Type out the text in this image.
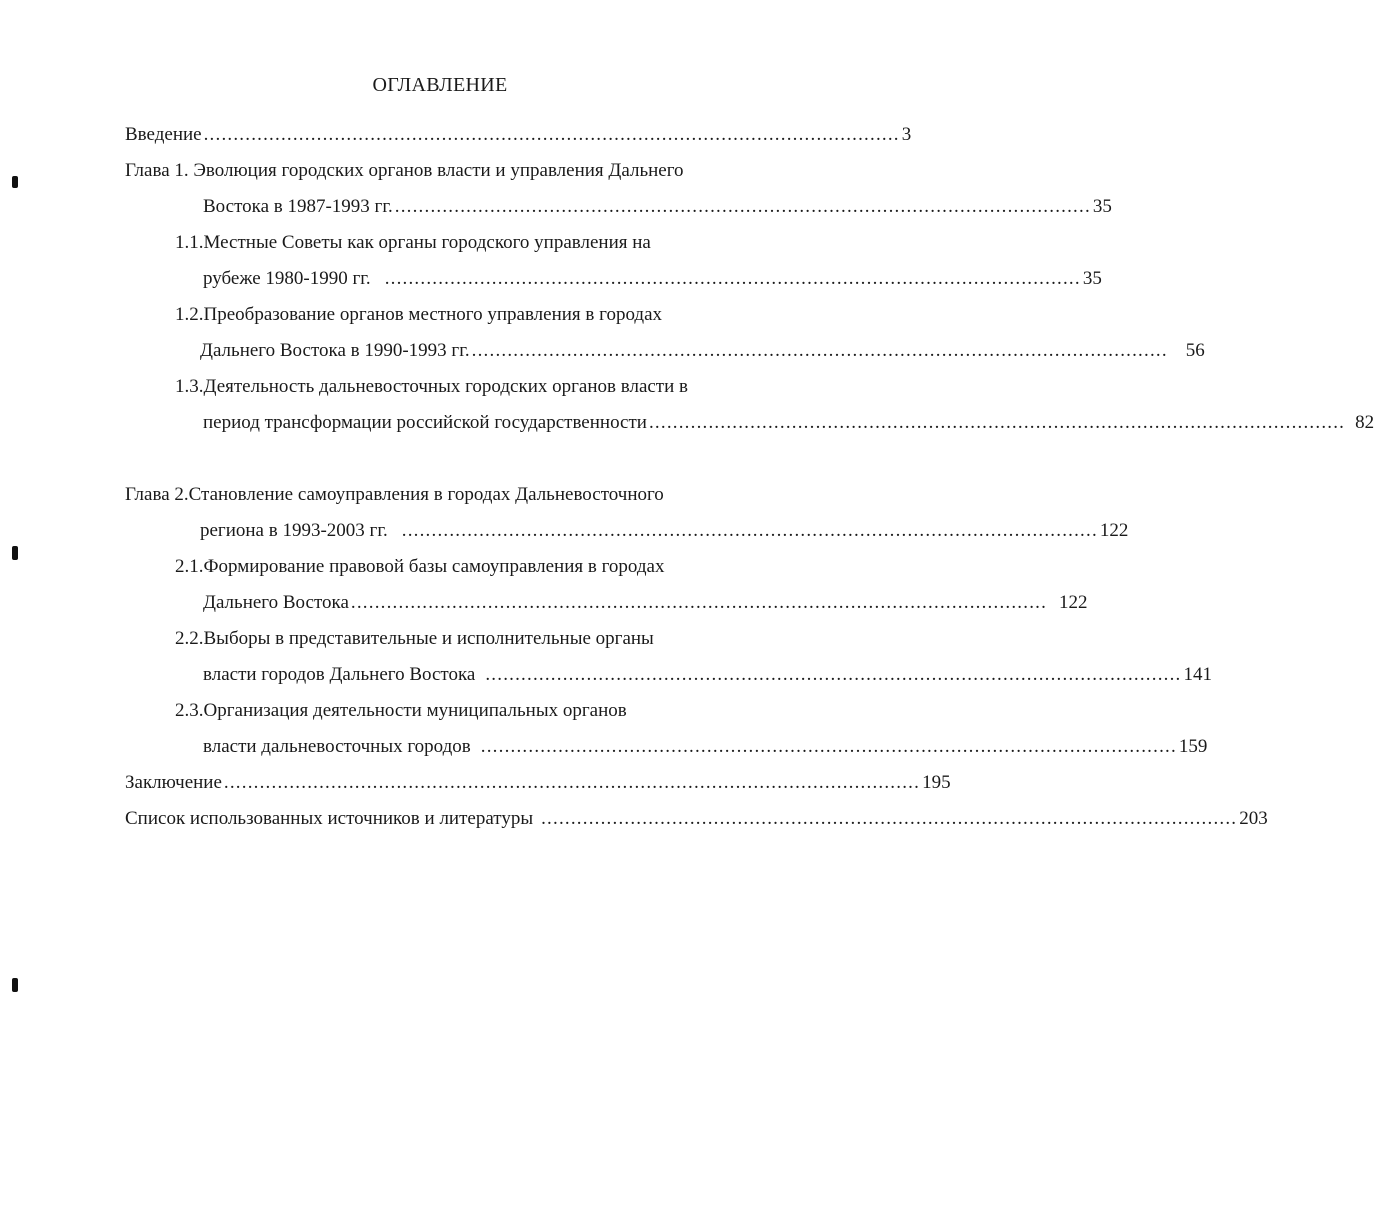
ОГЛАВЛЕНИЕ
Введение ..................................................................................................................... 3
Глава 1. Эволюция городских органов власти и управления Дальнего
Востока в 1987-1993 гг. ..................................................................................................................... 35
1.1.Местные Советы как органы городского управления на
рубеже 1980-1990 гг. ..................................................................................................................... 35
1.2.Преобразование органов местного управления в городах
Дальнего Востока в 1990-1993 гг. ..................................................................................................................... 56
1.3.Деятельность дальневосточных городских органов власти в
период трансформации российской государственности ..................................................................................................................... 82
Глава 2.Становление самоуправления в городах Дальневосточного
региона в 1993-2003 гг. ..................................................................................................................... 122
2.1.Формирование правовой базы самоуправления в городах
Дальнего Востока ..................................................................................................................... 122
2.2.Выборы в представительные и исполнительные органы
власти городов Дальнего Востока ..................................................................................................................... 141
2.3.Организация деятельности муниципальных органов
власти дальневосточных городов ..................................................................................................................... 159
Заключение ..................................................................................................................... 195
Список использованных источников и литературы ..................................................................................................................... 203
